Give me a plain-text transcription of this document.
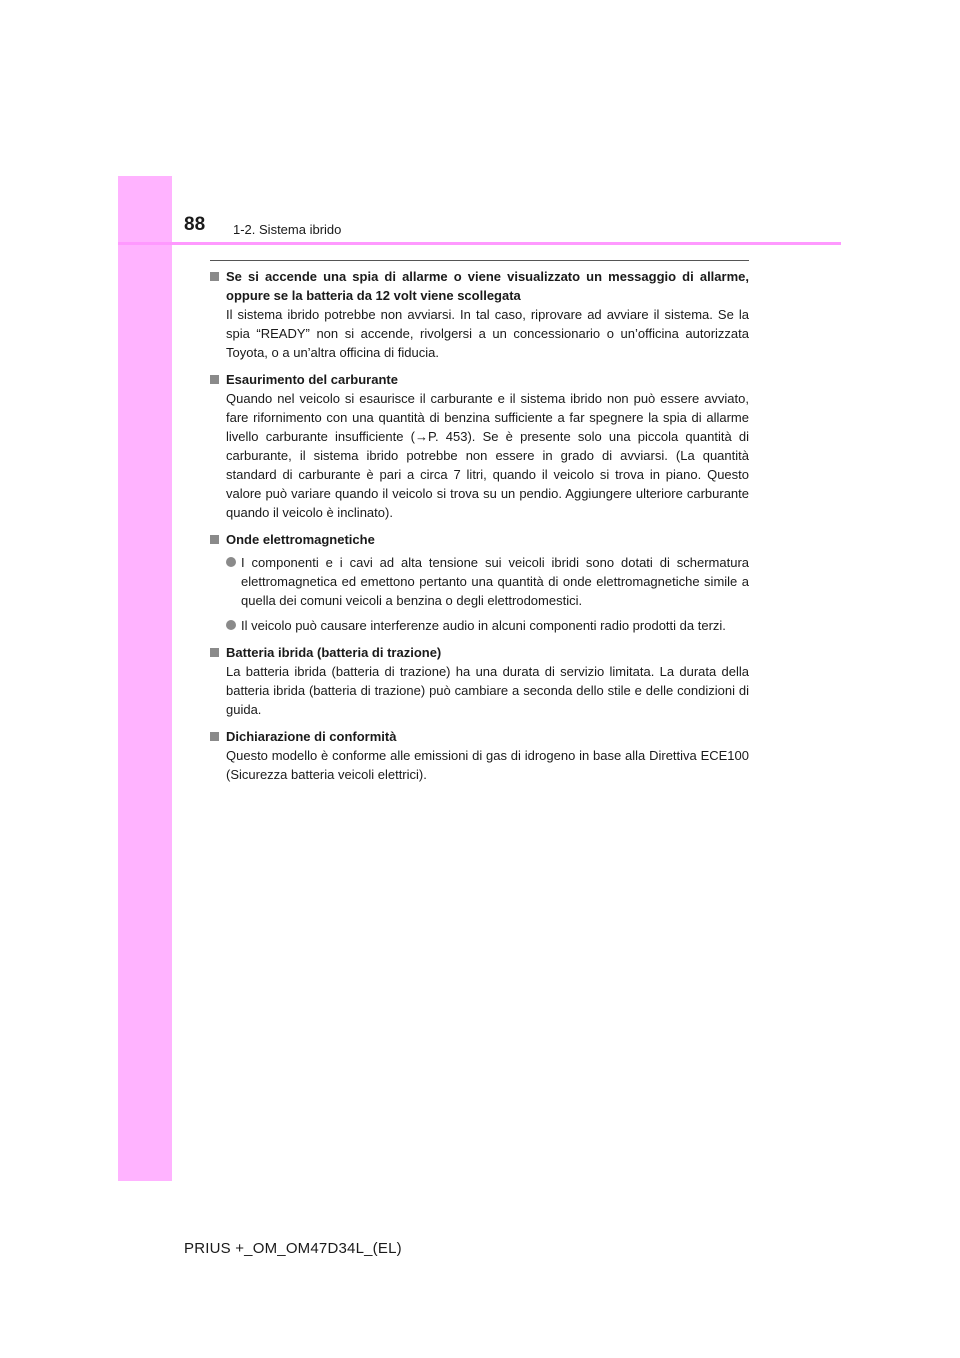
88 1-2. Sistema ibrido
Se si accende una spia di allarme o viene visualizzato un messaggio di allarme, oppure se la batteria da 12 volt viene scollegata
Il sistema ibrido potrebbe non avviarsi. In tal caso, riprovare ad avviare il sistema. Se la spia “READY” non si accende, rivolgersi a un concessionario o un’officina autorizzata Toyota, o a un’altra officina di fiducia.
Esaurimento del carburante
Quando nel veicolo si esaurisce il carburante e il sistema ibrido non può essere avviato, fare rifornimento con una quantità di benzina sufficiente a far spegnere la spia di allarme livello carburante insufficiente (→P. 453). Se è presente solo una piccola quantità di carburante, il sistema ibrido potrebbe non essere in grado di avviarsi. (La quantità standard di carburante è pari a circa 7 litri, quando il veicolo si trova in piano. Questo valore può variare quando il veicolo si trova su un pendio. Aggiungere ulteriore carburante quando il veicolo è inclinato).
Onde elettromagnetiche
I componenti e i cavi ad alta tensione sui veicoli ibridi sono dotati di schermatura elettromagnetica ed emettono pertanto una quantità di onde elettromagnetiche simile a quella dei comuni veicoli a benzina o degli elettrodomestici.
Il veicolo può causare interferenze audio in alcuni componenti radio prodotti da terzi.
Batteria ibrida (batteria di trazione)
La batteria ibrida (batteria di trazione) ha una durata di servizio limitata. La durata della batteria ibrida (batteria di trazione) può cambiare a seconda dello stile e delle condizioni di guida.
Dichiarazione di conformità
Questo modello è conforme alle emissioni di gas di idrogeno in base alla Direttiva ECE100 (Sicurezza batteria veicoli elettrici).
PRIUS +_OM_OM47D34L_(EL)
